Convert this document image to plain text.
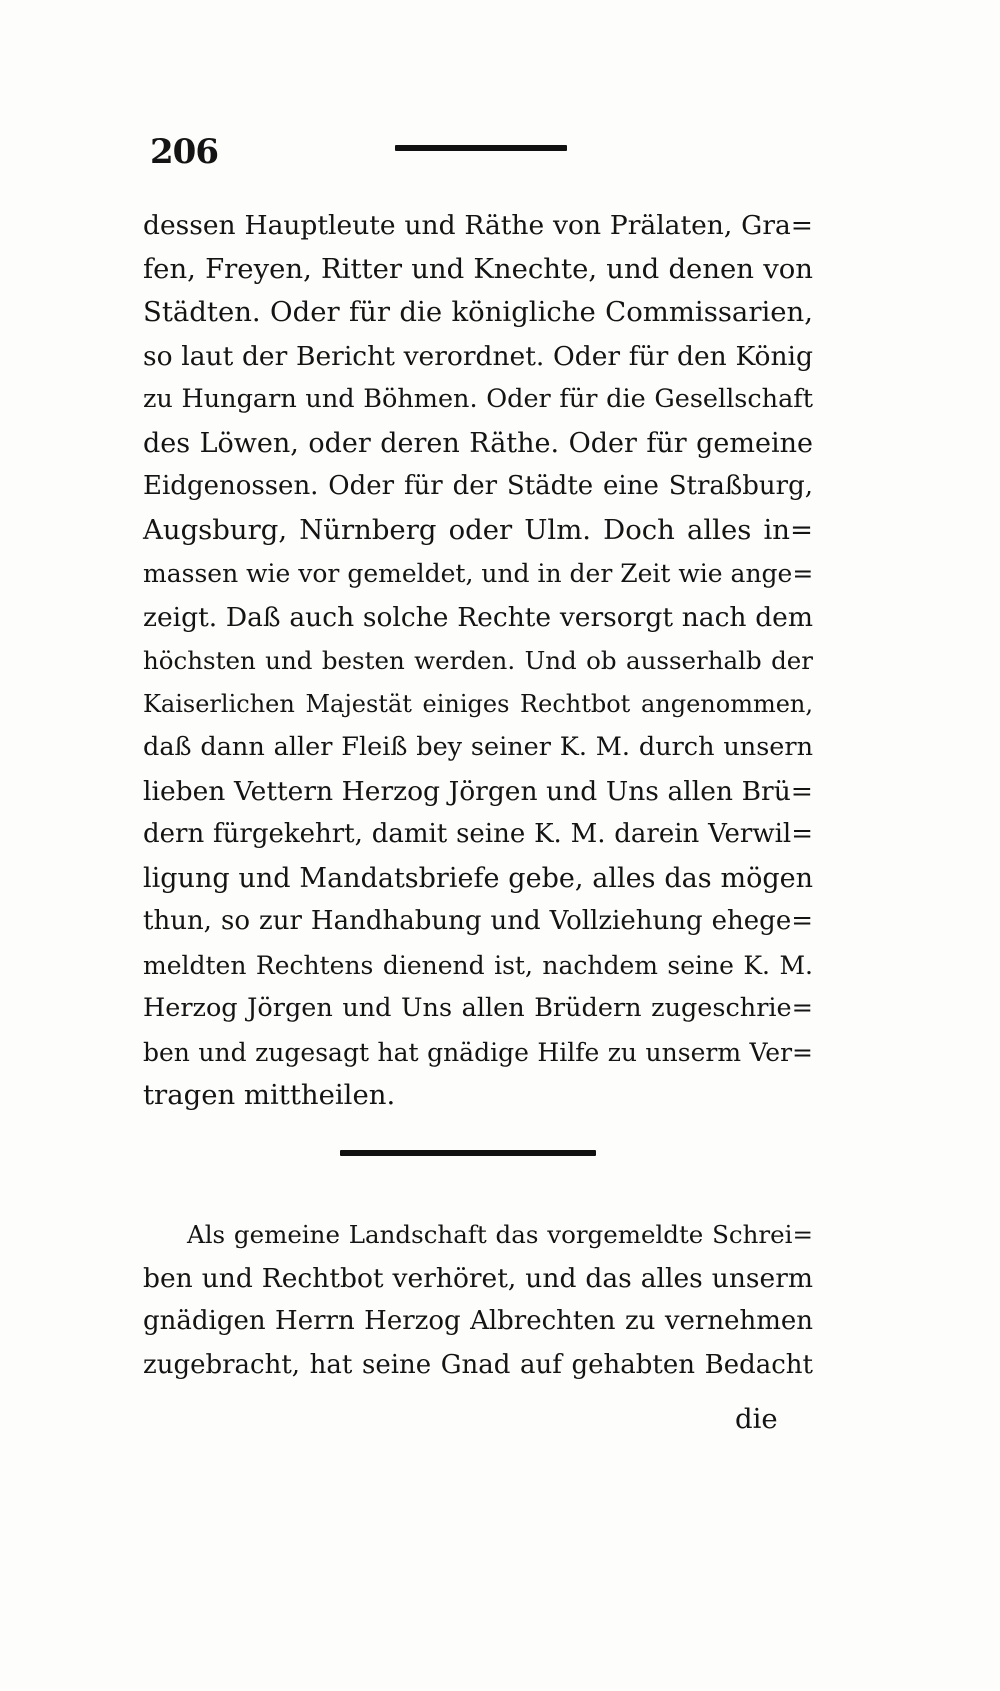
206
dessen Hauptleute und Räthe von Prälaten, Gra=
fen, Freyen, Ritter und Knechte, und denen von
Städten. Oder für die königliche Commissarien,
so laut der Bericht verordnet. Oder für den König
zu Hungarn und Böhmen. Oder für die Gesellschaft
des Löwen, oder deren Räthe. Oder für gemeine
Eidgenossen. Oder für der Städte eine Straßburg,
Augsburg, Nürnberg oder Ulm. Doch alles in=
massen wie vor gemeldet, und in der Zeit wie ange=
zeigt. Daß auch solche Rechte versorgt nach dem
höchsten und besten werden. Und ob ausserhalb der
Kaiserlichen Majestät einiges Rechtbot angenommen,
daß dann aller Fleiß bey seiner K. M. durch unsern
lieben Vettern Herzog Jörgen und Uns allen Brü=
dern fürgekehrt, damit seine K. M. darein Verwil=
ligung und Mandatsbriefe gebe, alles das mögen
thun, so zur Handhabung und Vollziehung ehege=
meldten Rechtens dienend ist, nachdem seine K. M.
Herzog Jörgen und Uns allen Brüdern zugeschrie=
ben und zugesagt hat gnädige Hilfe zu unserm Ver=
tragen mittheilen.
Als gemeine Landschaft das vorgemeldte Schrei=
ben und Rechtbot verhöret, und das alles unserm
gnädigen Herrn Herzog Albrechten zu vernehmen
zugebracht, hat seine Gnad auf gehabten Bedacht
die
